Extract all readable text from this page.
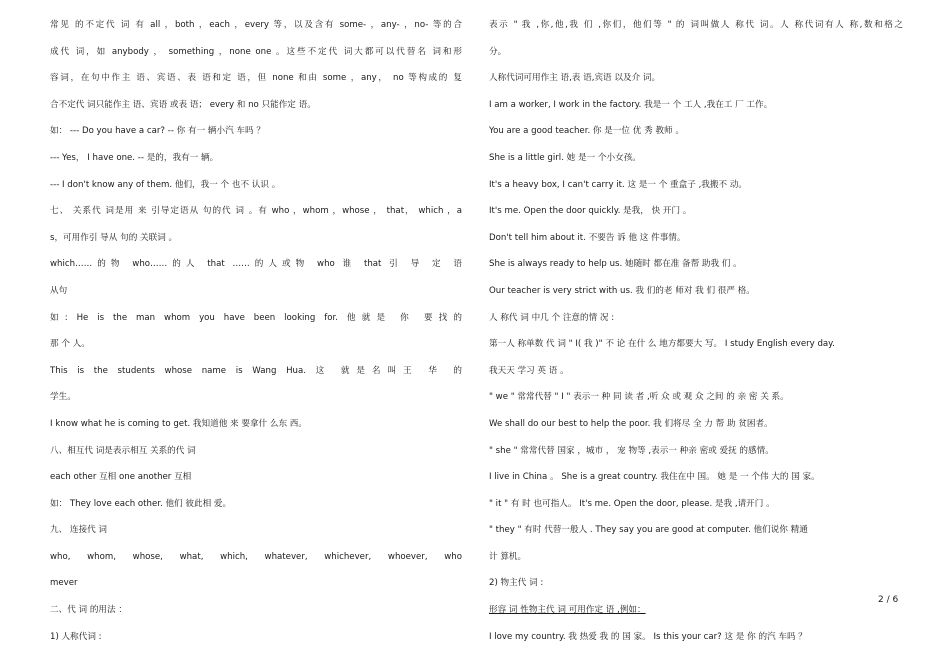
常见 的不定代 词 有 all ，both ，each ，every 等，以及含有 some- ，any- ，no- 等的合
成代 词，如 anybody ， something ，none one 。这些不定代 词大都可以代替名 词和形
容词，在句中作主 语、宾语、表 语和定 语，但 none 和由 some ，any， no 等构成的 复
合不定代 词只能作主 语、宾语 或表 语； every 和 no 只能作定 语。
如： --- Do you have a car? -- 你 有一 辆小汽 车吗 ？
--- Yes， I have one. -- 是的，我有一 辆。
--- I don't know any of them. 他们，我一 个 也不 认识 。
七、 关系代 词是用 来 引导定语从 句的代 词 。有 who ，whom ，whose ， that， which ，a
s，可用作引 导从 句的 关联词 。
which……的物 who……的人 that ……的人或物 who 谁 that 引 导 定 语
从句
如: He is the man whom you have been looking for. 他就是 你 要找的
那 个 人。
This is the students whose name is Wang Hua. 这 就是名叫王 华 的
学生。
I know what he is coming to get. 我知道他 来 要拿什 么东 西。
八、相互代 词是表示相互 关系的代 词
each other 互相 one another 互相
如： They love each other. 他们 彼此相 爱。
九、 连接代 词
who, whom, whose, what, which, whatever, whichever, whoever, who
mever
二、代 词 的用法 ：
1) 人称代词 :
表示 " 我 ,你,他,我 们 ,你们，他们等 " 的 词叫做人 称代 词。人 称代词有人 称,数和格之
分。
人称代词可用作主 语,表 语,宾语 以及介 词。
I am a worker, I work in the factory. 我是一 个 工人 ,我在工 厂 工作。
You are a good teacher. 你 是一位 优 秀 教师 。
She is a little girl. 她 是一 个小女孩。
It's a heavy box, I can't carry it. 这 是一 个 重盒子 ,我搬不 动。
It's me. Open the door quickly. 是我， 快 开门 。
Don't tell him about it. 不要告 诉 他 这 件事情。
She is always ready to help us. 她随时 都在准 备帮 助我 们 。
Our teacher is very strict with us. 我 们的老 师对 我 们 很严 格。
人 称代 词 中几 个 注意的情 况 :
第一人 称单数 代 词 " I( 我 )" 不 论 在什 么 地方都要大 写。 I study English every day.
我天天 学习 英 语 。
" we " 常常代替 " I " 表示一 种 同 读 者 ,听 众 或 观 众 之间 的 亲 密 关 系。
We shall do our best to help the poor. 我 们将尽 全 力 帮 助 贫困者。
" she " 常常代替 国家 ，城市 ， 宠 物等 ,表示一 种亲 密或 爱抚 的感情。
I live in China 。 She is a great country. 我住在中 国。 她 是 一 个伟 大的 国 家。
" it " 有 时 也可指人。 It's me. Open the door, please. 是我 ,请开门 。
" they " 有时 代替一般人 . They say you are good at computer. 他们说你 精通
计 算机。
2) 物主代 词 :
形容 词 性物主代 词 可用作定 语 ,例如：
I love my country. 我 热爱 我 的 国 家。 Is this your car? 这 是 你 的汽 车吗 ？
2 / 6
